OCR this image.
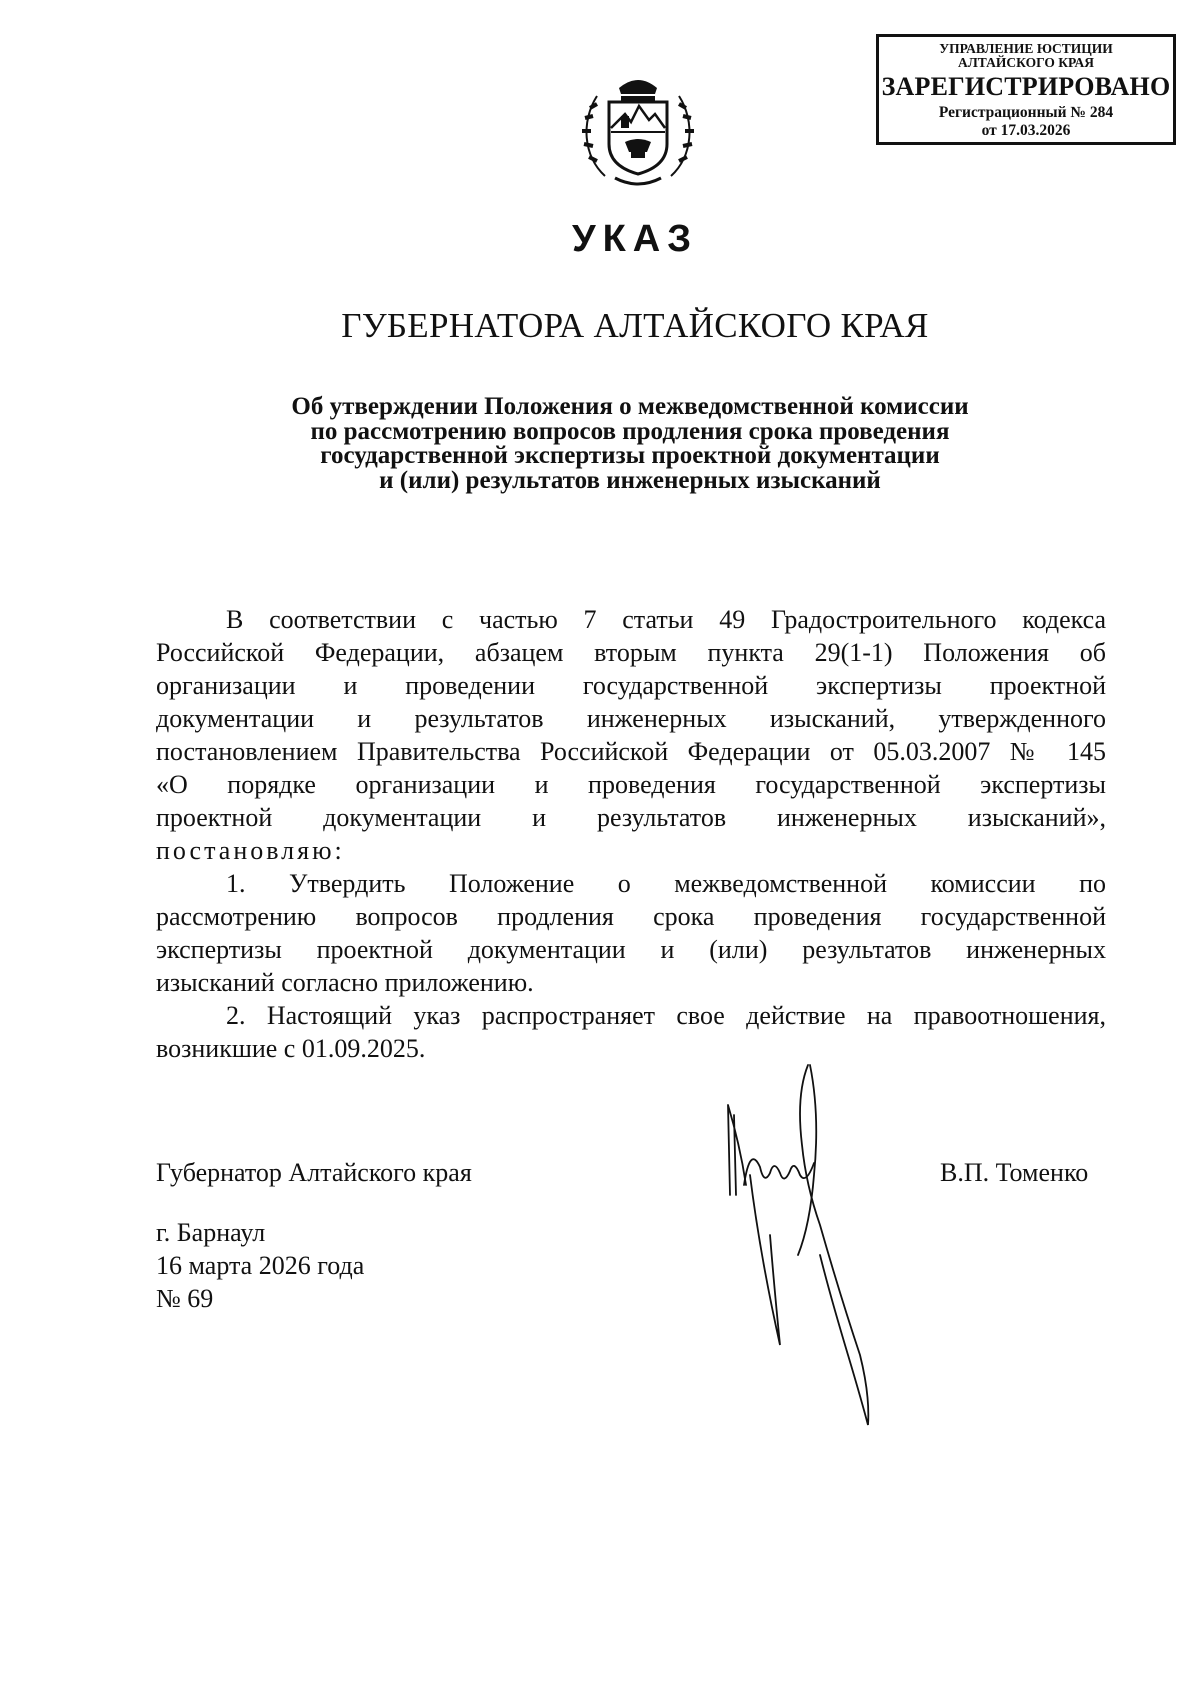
УПРАВЛЕНИЕ ЮСТИЦИИ
АЛТАЙСКОГО КРАЯ
ЗАРЕГИСТРИРОВАНО
Регистрационный № 284
от 17.03.2026
УКАЗ
ГУБЕРНАТОРА АЛТАЙСКОГО КРАЯ
Об утверждении Положения о межведомственной комиссии
по рассмотрению вопросов продления срока проведения
государственной экспертизы проектной документации
и (или) результатов инженерных изысканий
В соответствии с частью 7 статьи 49 Градостроительного кодекса
Российской Федерации, абзацем вторым пункта 29(1-1) Положения об
организации и проведении государственной экспертизы проектной
документации и результатов инженерных изысканий, утвержденного
постановлением Правительства Российской Федерации от 05.03.2007 № 145
«О порядке организации и проведения государственной экспертизы
проектной документации и результатов инженерных изысканий»,
постановляю:
1. Утвердить Положение о межведомственной комиссии по
рассмотрению вопросов продления срока проведения государственной
экспертизы проектной документации и (или) результатов инженерных
изысканий согласно приложению.
2. Настоящий указ распространяет свое действие на правоотношения,
возникшие с 01.09.2025.
Губернатор Алтайского края	В.П. Томенко
г. Барнаул
16 марта 2026 года
№ 69
